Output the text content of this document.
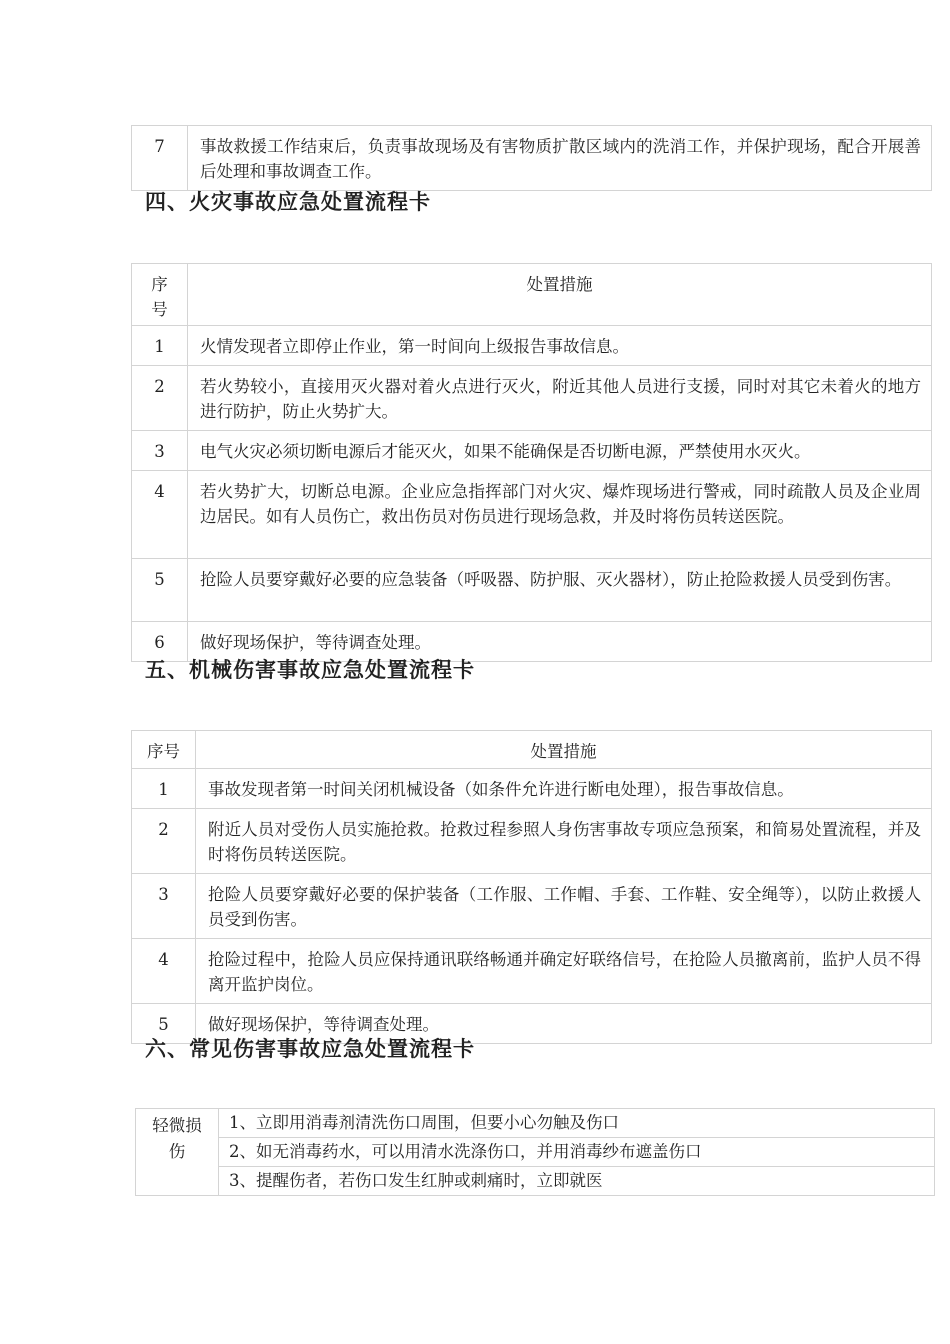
7	事故救援工作结束后，负责事故现场及有害物质扩散区域内的洗消工作，并保护现场，配合开展善后处理和事故调查工作。
四、火灾事故应急处置流程卡
序号	处置措施
1	火情发现者立即停止作业，第一时间向上级报告事故信息。
2	若火势较小，直接用灭火器对着火点进行灭火，附近其他人员进行支援，同时对其它未着火的地方进行防护，防止火势扩大。
3	电气火灾必须切断电源后才能灭火，如果不能确保是否切断电源，严禁使用水灭火。
4	若火势扩大，切断总电源。企业应急指挥部门对火灾、爆炸现场进行警戒，同时疏散人员及企业周边居民。如有人员伤亡，救出伤员对伤员进行现场急救，并及时将伤员转送医院。
5	抢险人员要穿戴好必要的应急装备（呼吸器、防护服、灭火器材），防止抢险救援人员受到伤害。
6	做好现场保护，等待调查处理。
五、机械伤害事故应急处置流程卡
序号	处置措施
1	事故发现者第一时间关闭机械设备（如条件允许进行断电处理），报告事故信息。
2	附近人员对受伤人员实施抢救。抢救过程参照人身伤害事故专项应急预案，和简易处置流程，并及时将伤员转送医院。
3	抢险人员要穿戴好必要的保护装备（工作服、工作帽、手套、工作鞋、安全绳等），以防止救援人员受到伤害。
4	抢险过程中，抢险人员应保持通讯联络畅通并确定好联络信号，在抢险人员撤离前，监护人员不得离开监护岗位。
5	做好现场保护，等待调查处理。
六、常见伤害事故应急处置流程卡
轻微损伤	1、立即用消毒剂清洗伤口周围，但要小心勿触及伤口
2、如无消毒药水，可以用清水洗涤伤口，并用消毒纱布遮盖伤口
3、提醒伤者，若伤口发生红肿或刺痛时，立即就医
